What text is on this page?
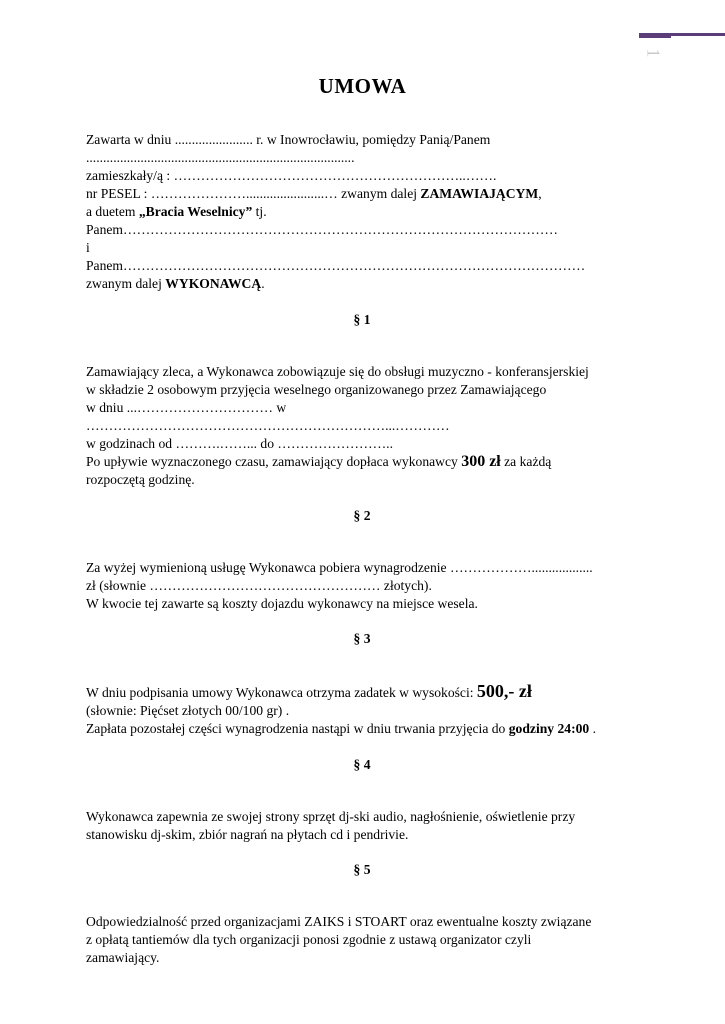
1
UMOWA
Zawarta w dniu ....................... r. w Inowrocławiu, pomiędzy Panią/Panem
...............................................................................
zamieszkały/ą : ………………………………………………………..…….
nr PESEL : ………………….......................… zwanym dalej ZAMAWIAJĄCYM,
a duetem „Bracia Weselnicy” tj.
Panem……………………………………………………………………………………
i
Panem…………………………………………………………………………………………
zwanym dalej WYKONAWCĄ.
§ 1
Zamawiający zleca, a Wykonawca zobowiązuje się do obsługi muzyczno - konferansjerskiej
w składzie 2 osobowym przyjęcia weselnego organizowanego przez Zamawiającego
w dniu ...………………………… w
…………………………………………………………...…………
w godzinach od ……….……... do ……………………..
Po upływie wyznaczonego czasu, zamawiający dopłaca wykonawcy 300 zł za każdą
rozpoczętą godzinę.
§ 2
Za wyżej wymienioną usługę Wykonawca pobiera wynagrodzenie ………………..................
zł (słownie …………………………………………… złotych).
W kwocie tej zawarte są koszty dojazdu wykonawcy na miejsce wesela.
§ 3
W dniu podpisania umowy Wykonawca otrzyma zadatek w wysokości: 500,- zł
(słownie: Pięćset złotych 00/100 gr) .
Zapłata pozostałej części wynagrodzenia nastąpi w dniu trwania przyjęcia do godziny 24:00 .
§ 4
Wykonawca zapewnia ze swojej strony sprzęt dj-ski audio, nagłośnienie, oświetlenie przy
stanowisku dj-skim, zbiór nagrań na płytach cd i pendrivie.
§ 5
Odpowiedzialność przed organizacjami ZAIKS i STOART oraz ewentualne koszty związane
z opłatą tantiemów dla tych organizacji ponosi zgodnie z ustawą organizator czyli
zamawiający.
